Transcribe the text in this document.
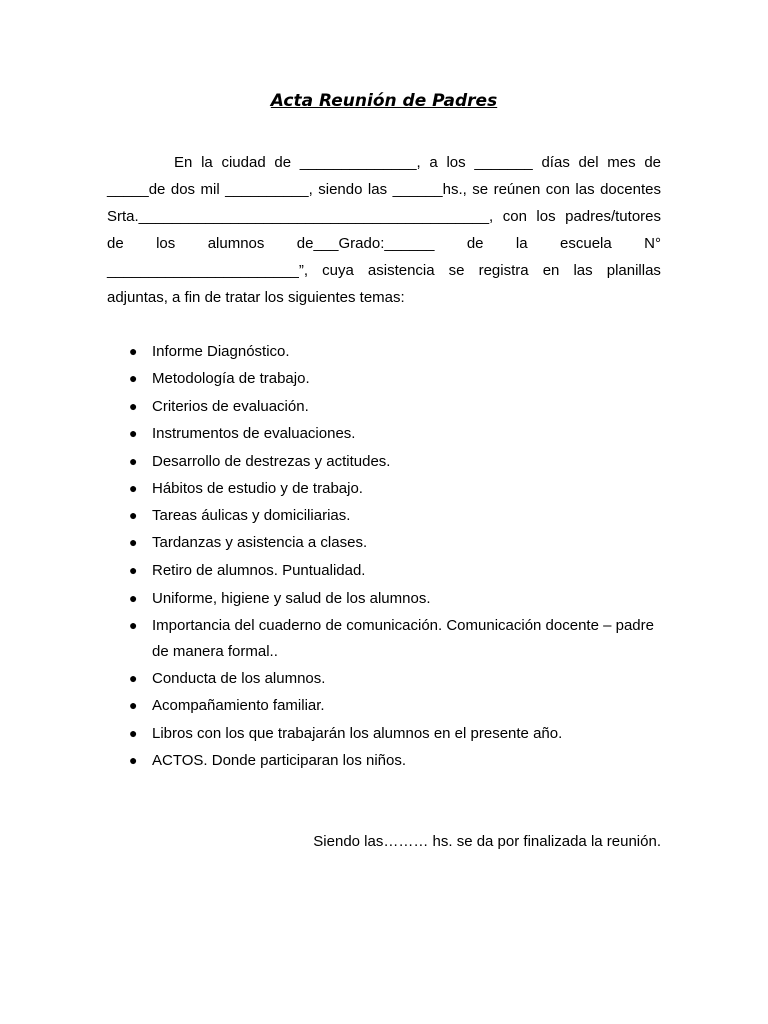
Acta Reunión de Padres
En la ciudad de ______________, a los _______ días del mes de
_____de dos mil __________, siendo las ______hs., se reúnen con las docentes
Srta.__________________________________________, con los padres/tutores
de los alumnos de___Grado:______ de la escuela N°
_______________________”, cuya asistencia se registra en las planillas
adjuntas, a fin de tratar los siguientes temas:
● Informe Diagnóstico.
● Metodología de trabajo.
● Criterios de evaluación.
● Instrumentos de evaluaciones.
● Desarrollo de destrezas y actitudes.
● Hábitos de estudio y de trabajo.
● Tareas áulicas y domiciliarias.
● Tardanzas y asistencia a clases.
● Retiro de alumnos. Puntualidad.
● Uniforme, higiene y salud de los alumnos.
● Importancia del cuaderno de comunicación. Comunicación docente – padre
de manera formal..
● Conducta de los alumnos.
● Acompañamiento familiar.
● Libros con los que trabajarán los alumnos en el presente año.
● ACTOS. Donde participaran los niños.
Siendo las……… hs. se da por finalizada la reunión.
